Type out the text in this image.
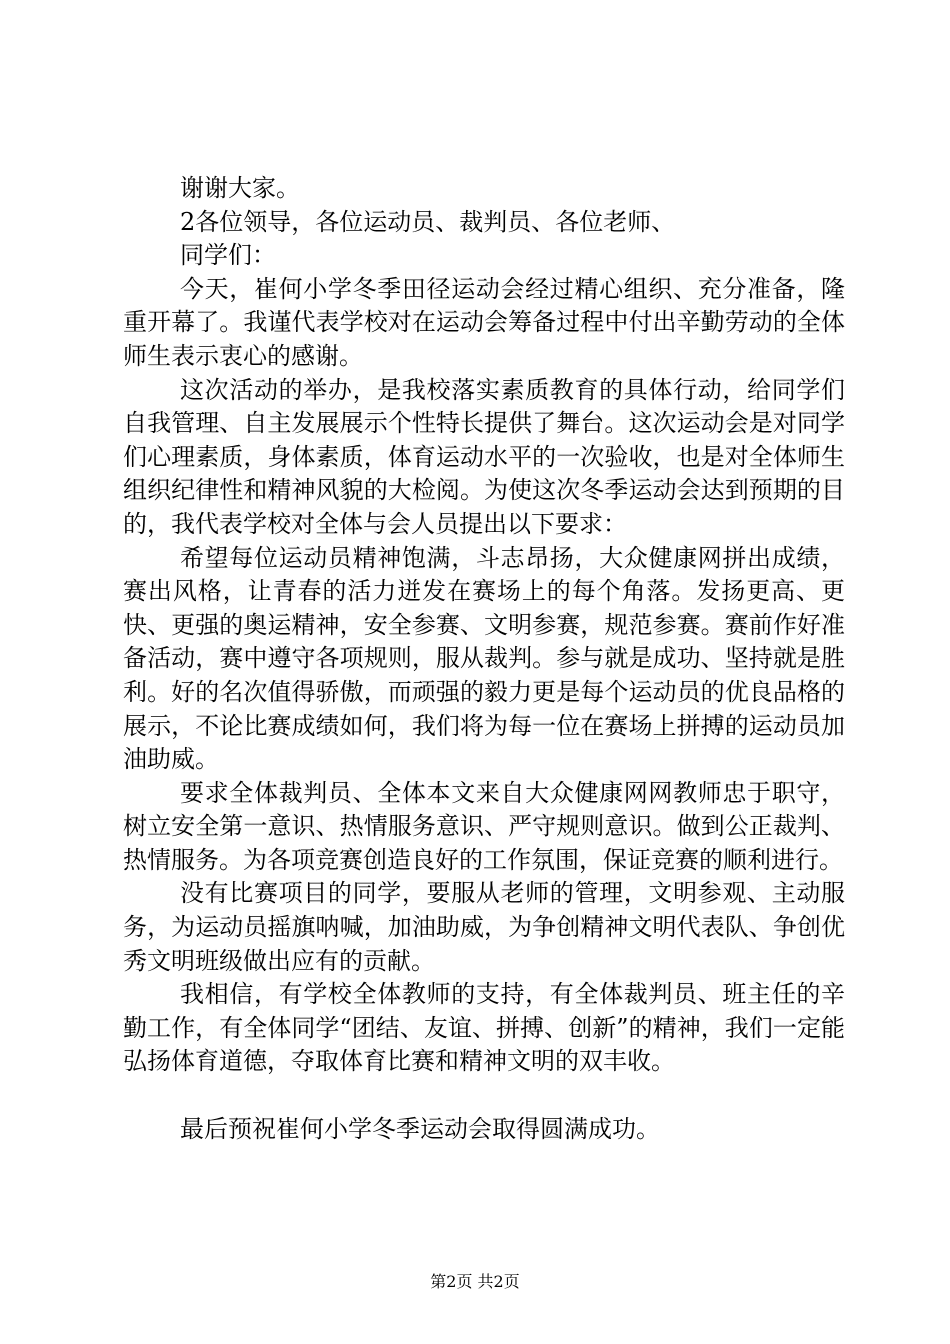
谢谢大家。

2各位领导，各位运动员、裁判员、各位老师、

同学们：

今天，崔何小学冬季田径运动会经过精心组织、充分准备，隆重开幕了。我谨代表学校对在运动会筹备过程中付出辛勤劳动的全体师生表示衷心的感谢。

这次活动的举办，是我校落实素质教育的具体行动，给同学们自我管理、自主发展展示个性特长提供了舞台。这次运动会是对同学们心理素质，身体素质，体育运动水平的一次验收，也是对全体师生组织纪律性和精神风貌的大检阅。为使这次冬季运动会达到预期的目的，我代表学校对全体与会人员提出以下要求：

希望每位运动员精神饱满，斗志昂扬，大众健康网拼出成绩，赛出风格，让青春的活力迸发在赛场上的每个角落。发扬更高、更快、更强的奥运精神，安全参赛、文明参赛，规范参赛。赛前作好准备活动，赛中遵守各项规则，服从裁判。参与就是成功、坚持就是胜利。好的名次值得骄傲，而顽强的毅力更是每个运动员的优良品格的展示，不论比赛成绩如何，我们将为每一位在赛场上拼搏的运动员加油助威。

要求全体裁判员、全体本文来自大众健康网网教师忠于职守，树立安全第一意识、热情服务意识、严守规则意识。做到公正裁判、热情服务。为各项竞赛创造良好的工作氛围，保证竞赛的顺利进行。

没有比赛项目的同学，要服从老师的管理，文明参观、主动服务，为运动员摇旗呐喊，加油助威，为争创精神文明代表队、争创优秀文明班级做出应有的贡献。

我相信，有学校全体教师的支持，有全体裁判员、班主任的辛勤工作，有全体同学“团结、友谊、拼搏、创新”的精神，我们一定能弘扬体育道德，夺取体育比赛和精神文明的双丰收。

最后预祝崔何小学冬季运动会取得圆满成功。

第2页 共2页
